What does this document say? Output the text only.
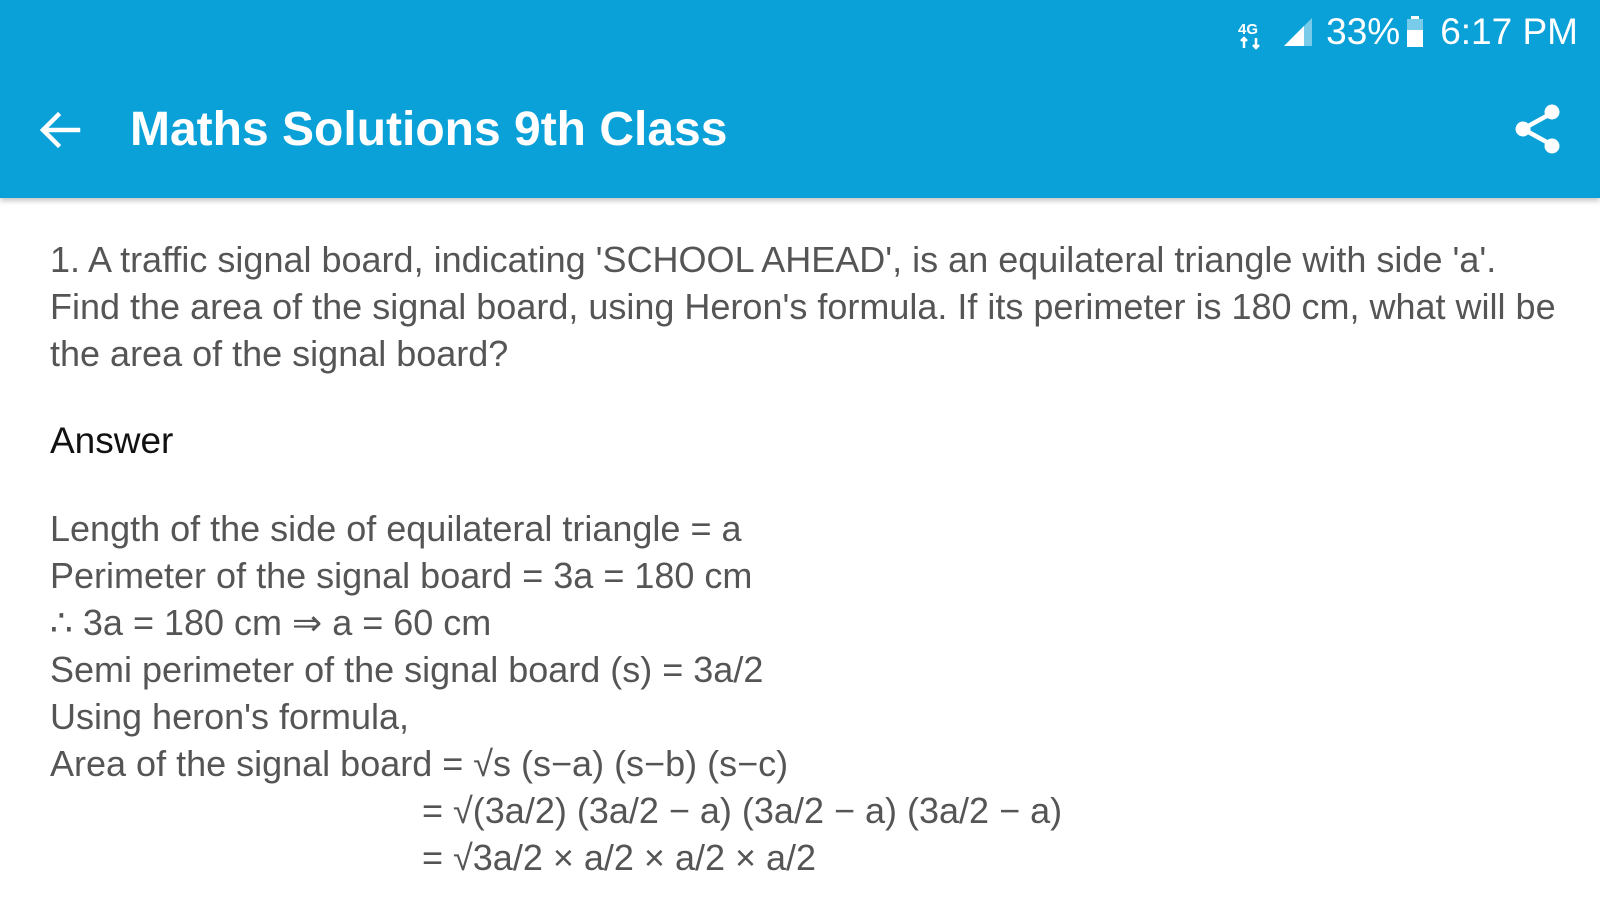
4G 33% 6:17 PM
Maths Solutions 9th Class

1. A traffic signal board, indicating 'SCHOOL AHEAD', is an equilateral triangle with side 'a'. Find the area of the signal board, using Heron's formula. If its perimeter is 180 cm, what will be the area of the signal board?

Answer
Length of the side of equilateral triangle = a
Perimeter of the signal board = 3a = 180 cm
∴ 3a = 180 cm ⇒ a = 60 cm
Semi perimeter of the signal board (s) = 3a/2
Using heron's formula,
Area of the signal board = √s (s−a) (s−b) (s−c)
= √(3a/2) (3a/2 − a) (3a/2 − a) (3a/2 − a)
= √3a/2 × a/2 × a/2 × a/2
